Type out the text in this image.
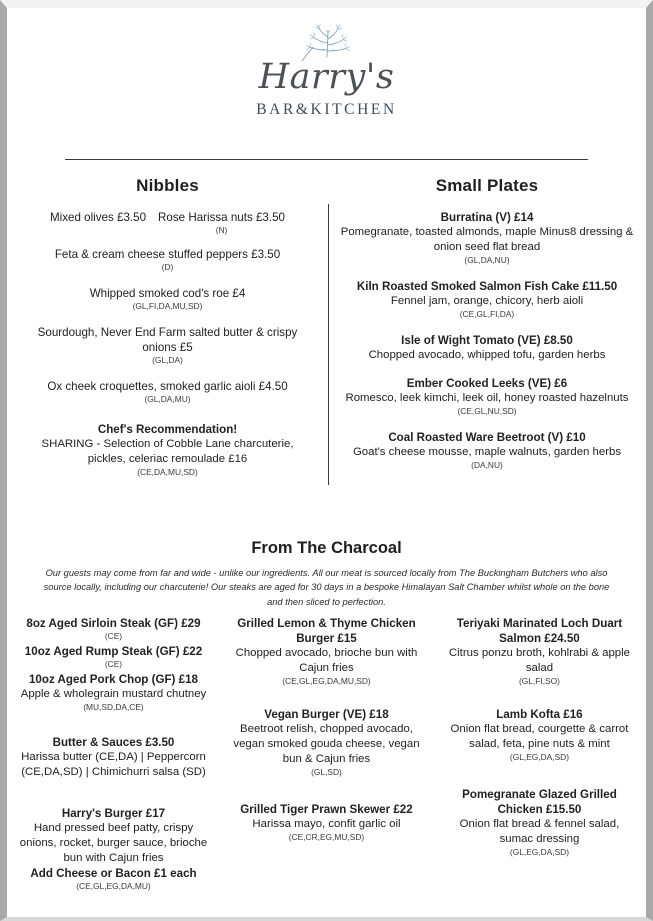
Harry's
BAR&KITCHEN
Nibbles
Mixed olives £3.50 Rose Harissa nuts £3.50
(N)
Feta & cream cheese stuffed peppers £3.50
(D)
Whipped smoked cod's roe £4
(GL,FI,DA,MU,SD)
Sourdough, Never End Farm salted butter & crispy onions £5
(GL,DA)
Ox cheek croquettes, smoked garlic aioli £4.50
(GL,DA,MU)
Chef's Recommendation!
SHARING - Selection of Cobble Lane charcuterie, pickles, celeriac remoulade £16
(CE,DA,MU,SD)
Small Plates
Burratina (V) £14
Pomegranate, toasted almonds, maple Minus8 dressing & onion seed flat bread
(GL,DA,NU)
Kiln Roasted Smoked Salmon Fish Cake £11.50
Fennel jam, orange, chicory, herb aioli
(CE,GL,FI,DA)
Isle of Wight Tomato (VE) £8.50
Chopped avocado, whipped tofu, garden herbs
Ember Cooked Leeks (VE) £6
Romesco, leek kimchi, leek oil, honey roasted hazelnuts
(CE,GL,NU,SD)
Coal Roasted Ware Beetroot (V) £10
Goat's cheese mousse, maple walnuts, garden herbs
(DA,NU)
From The Charcoal
Our guests may come from far and wide - unlike our ingredients. All our meat is sourced locally from The Buckingham Butchers who also source locally, including our charcuterie! Our steaks are aged for 30 days in a bespoke Himalayan Salt Chamber whilst whole on the bone and then sliced to perfection.
8oz Aged Sirloin Steak (GF) £29
(CE)
10oz Aged Rump Steak (GF) £22
(CE)
10oz Aged Pork Chop (GF) £18
Apple & wholegrain mustard chutney
(MU,SD,DA,CE)
Butter & Sauces £3.50
Harissa butter (CE,DA) | Peppercorn (CE,DA,SD) | Chimichurri salsa (SD)
Harry's Burger £17
Hand pressed beef patty, crispy onions, rocket, burger sauce, brioche bun with Cajun fries
Add Cheese or Bacon £1 each
(CE,GL,EG,DA,MU)
Grilled Lemon & Thyme Chicken Burger £15
Chopped avocado, brioche bun with Cajun fries
(CE,GL,EG,DA,MU,SD)
Vegan Burger (VE) £18
Beetroot relish, chopped avocado, vegan smoked gouda cheese, vegan bun & Cajun fries
(GL,SD)
Grilled Tiger Prawn Skewer £22
Harissa mayo, confit garlic oil
(CE,CR,EG,MU,SD)
Teriyaki Marinated Loch Duart Salmon £24.50
Citrus ponzu broth, kohlrabi & apple salad
(GL,FI,SO)
Lamb Kofta £16
Onion flat bread, courgette & carrot salad, feta, pine nuts & mint
(GL,EG,DA,SD)
Pomegranate Glazed Grilled Chicken £15.50
Onion flat bread & fennel salad, sumac dressing
(GL,EG,DA,SD)
